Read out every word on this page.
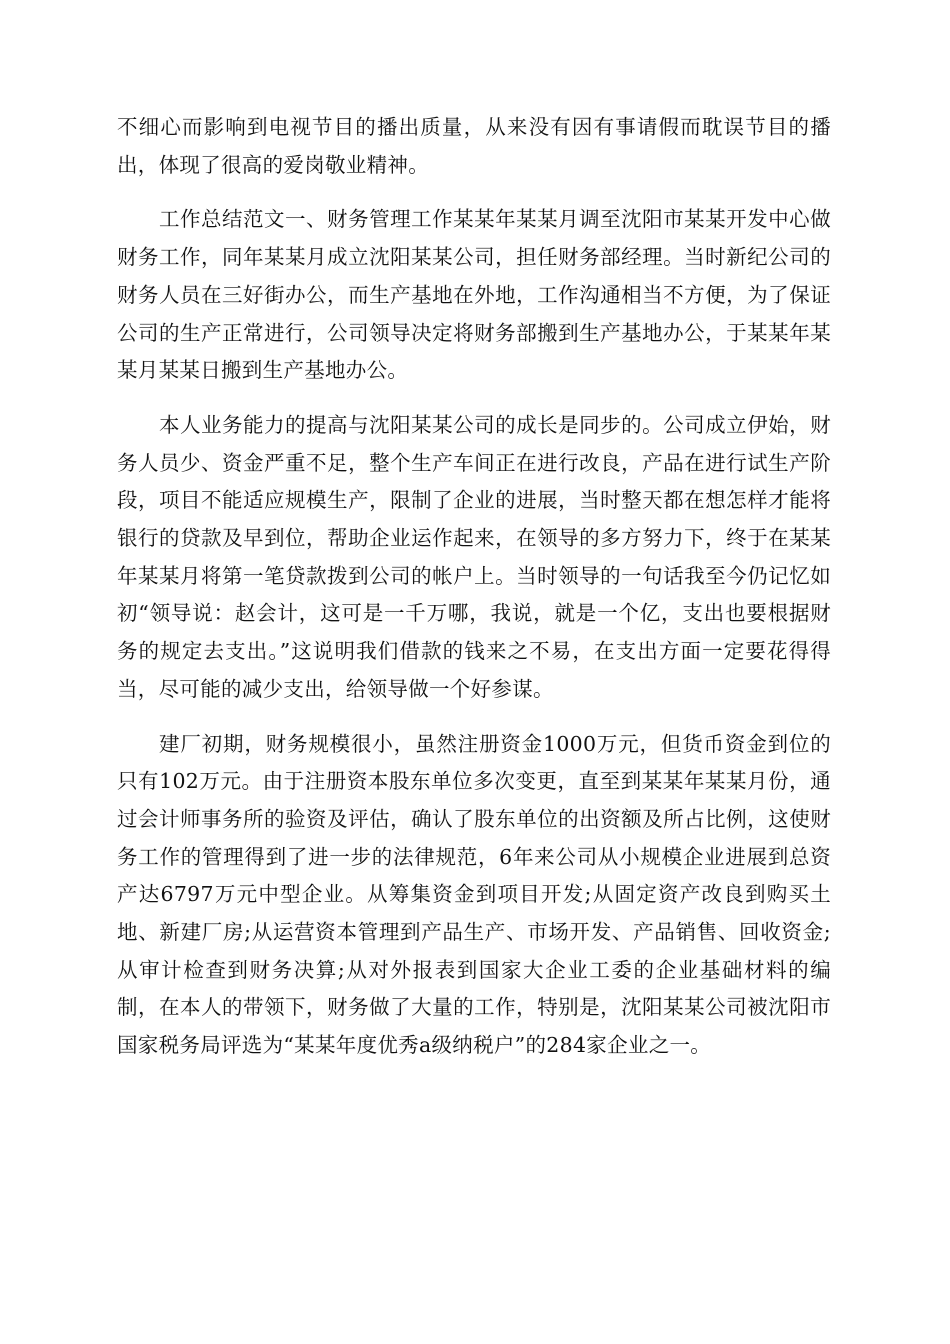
不细心而影响到电视节目的播出质量，从来没有因有事请假而耽误节目的播出，体现了很高的爱岗敬业精神。

工作总结范文一、财务管理工作某某年某某月调至沈阳市某某开发中心做财务工作，同年某某月成立沈阳某某公司，担任财务部经理。当时新纪公司的财务人员在三好街办公，而生产基地在外地，工作沟通相当不方便，为了保证公司的生产正常进行，公司领导决定将财务部搬到生产基地办公，于某某年某某月某某日搬到生产基地办公。

本人业务能力的提高与沈阳某某公司的成长是同步的。公司成立伊始，财务人员少、资金严重不足，整个生产车间正在进行改良，产品在进行试生产阶段，项目不能适应规模生产，限制了企业的进展，当时整天都在想怎样才能将银行的贷款及早到位，帮助企业运作起来，在领导的多方努力下，终于在某某年某某月将第一笔贷款拨到公司的帐户上。当时领导的一句话我至今仍记忆如初“领导说：赵会计，这可是一千万哪，我说，就是一个亿，支出也要根据财务的规定去支出。”这说明我们借款的钱来之不易，在支出方面一定要花得得当，尽可能的减少支出，给领导做一个好参谋。

建厂初期，财务规模很小，虽然注册资金1000万元，但货币资金到位的只有102万元。由于注册资本股东单位多次变更，直至到某某年某某月份，通过会计师事务所的验资及评估，确认了股东单位的出资额及所占比例，这使财务工作的管理得到了进一步的法律规范，6年来公司从小规模企业进展到总资产达6797万元中型企业。从筹集资金到项目开发;从固定资产改良到购买土地、新建厂房;从运营资本管理到产品生产、市场开发、产品销售、回收资金;从审计检查到财务决算;从对外报表到国家大企业工委的企业基础材料的编制，在本人的带领下，财务做了大量的工作，特别是，沈阳某某公司被沈阳市国家税务局评选为“某某年度优秀a级纳税户”的284家企业之一。
